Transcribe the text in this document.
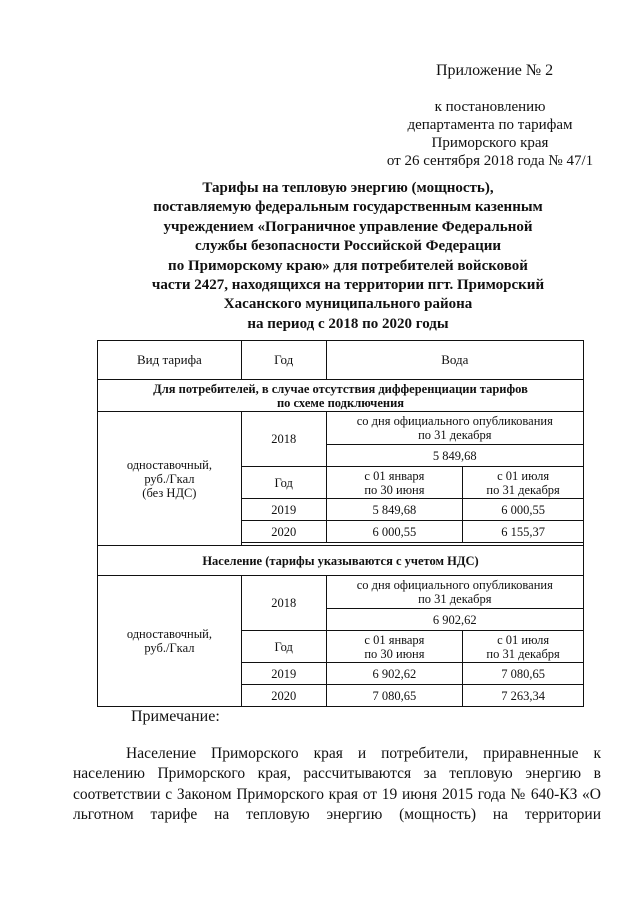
Приложение № 2
к постановлению
департамента по тарифам
Приморского края
от 26 сентября 2018 года № 47/1
Тарифы на тепловую энергию (мощность),
поставляемую федеральным государственным казенным
учреждением «Пограничное управление Федеральной
службы безопасности Российской Федерации
по Приморскому краю» для потребителей войсковой
части 2427, находящихся на территории пгт. Приморский
Хасанского муниципального района
на период с 2018 по 2020 годы
Вид тарифа	Год	Вода	

Для потребителей, в случае отсутствия дифференциации тарифов
по схеме подключения			

одноставочный,
руб./Гкал
(без НДС)	2018	со дня официального опубликования
по 31 декабря	

		5 849,68	
	Год	с 01 января
по 30 июня	с 01 июля
по 31 декабря

	2019	5 849,68	6 000,55
	2020	6 000,55	6 155,37

Население (тарифы указываются с учетом НДС)			

одноставочный,
руб./Гкал	2018	со дня официального опубликования
по 31 декабря	

		6 902,62	
	Год	с 01 января
по 30 июня	с 01 июля
по 31 декабря

	2019	6 902,62	7 080,65
	2020	7 080,65	7 263,34
Примечание:
Население Приморского края и потребители, приравненные к
населению Приморского края, рассчитываются за тепловую энергию в
соответствии с Законом Приморского края от 19 июня 2015 года № 640-КЗ «О
льготном тарифе на тепловую энергию (мощность) на территории
